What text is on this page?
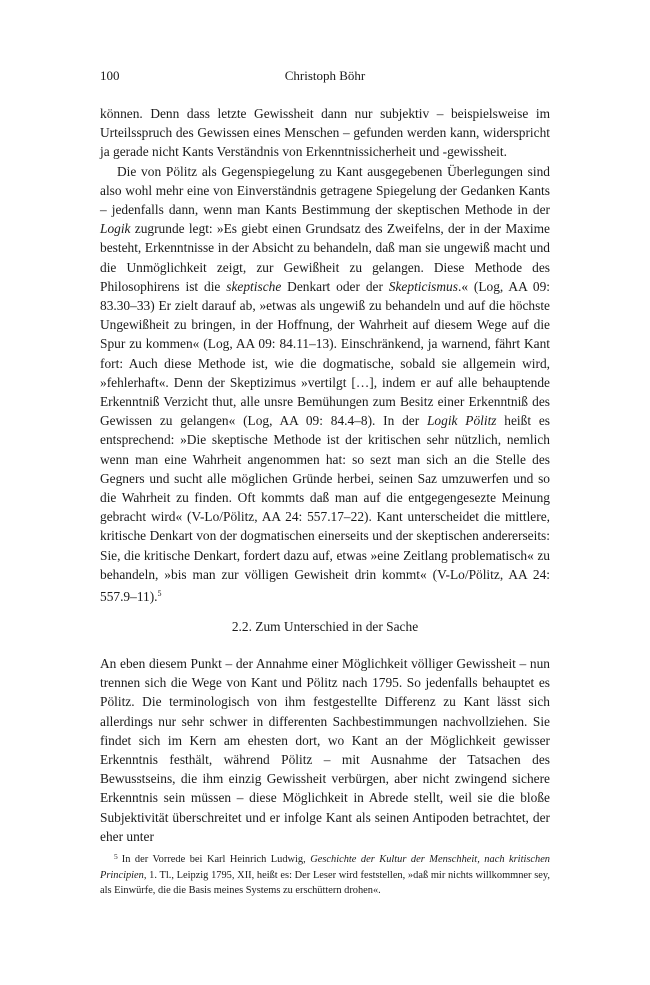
100	Christoph Böhr

können. Denn dass letzte Gewissheit dann nur subjektiv – beispielsweise im Urteilsspruch des Gewissen eines Menschen – gefunden werden kann, widerspricht ja gerade nicht Kants Verständnis von Erkenntnissicherheit und -gewissheit.

Die von Pölitz als Gegenspiegelung zu Kant ausgegebenen Überlegungen sind also wohl mehr eine von Einverständnis getragene Spiegelung der Gedanken Kants – jedenfalls dann, wenn man Kants Bestimmung der skeptischen Methode in der Logik zugrunde legt: »Es giebt einen Grundsatz des Zweifelns, der in der Maxime besteht, Erkenntnisse in der Absicht zu behandeln, daß man sie ungewiß macht und die Unmöglichkeit zeigt, zur Gewißheit zu gelangen. Diese Methode des Philosophirens ist die skeptische Denkart oder der Skepticismus.« (Log, AA 09: 83.30–33) Er zielt darauf ab, »etwas als ungewiß zu behandeln und auf die höchste Ungewißheit zu bringen, in der Hoffnung, der Wahrheit auf diesem Wege auf die Spur zu kommen« (Log, AA 09: 84.11–13). Einschränkend, ja warnend, fährt Kant fort: Auch diese Methode ist, wie die dogmatische, sobald sie allgemein wird, »fehlerhaft«. Denn der Skeptizimus »vertilgt […], indem er auf alle behauptende Erkenntniß Verzicht thut, alle unsre Bemühungen zum Besitz einer Erkenntniß des Gewissen zu gelangen« (Log, AA 09: 84.4–8). In der Logik Pölitz heißt es entsprechend: »Die skeptische Methode ist der kritischen sehr nützlich, nemlich wenn man eine Wahrheit angenommen hat: so sezt man sich an die Stelle des Gegners und sucht alle möglichen Gründe herbei, seinen Saz umzuwerfen und so die Wahrheit zu finden. Oft kommts daß man auf die entgegengesezte Meinung gebracht wird« (V-Lo/Pölitz, AA 24: 557.17–22). Kant unterscheidet die mittlere, kritische Denkart von der dogmatischen einerseits und der skeptischen andererseits: Sie, die kritische Denkart, fordert dazu auf, etwas »eine Zeitlang problematisch« zu behandeln, »bis man zur völligen Gewisheit drin kommt« (V-Lo/Pölitz, AA 24: 557.9–11).$^5$

2.2. Zum Unterschied in der Sache

An eben diesem Punkt – der Annahme einer Möglichkeit völliger Gewissheit – nun trennen sich die Wege von Kant und Pölitz nach 1795. So jedenfalls behauptet es Pölitz. Die terminologisch von ihm festgestellte Differenz zu Kant lässt sich allerdings nur sehr schwer in differenten Sachbestimmungen nachvollziehen. Sie findet sich im Kern am ehesten dort, wo Kant an der Möglichkeit gewisser Erkenntnis festhält, während Pölitz – mit Ausnahme der Tatsachen des Bewusstseins, die ihm einzig Gewissheit verbürgen, aber nicht zwingend sichere Erkenntnis sein müssen – diese Möglichkeit in Abrede stellt, weil sie die bloße Subjektivität überschreitet und er infolge Kant als seinen Antipoden betrachtet, der eher unter

$^5$ In der Vorrede bei Karl Heinrich Ludwig, Geschichte der Kultur der Menschheit, nach kritischen Principien, 1. Tl., Leipzig 1795, XII, heißt es: Der Leser wird feststellen, »daß mir nichts willkommner sey, als Einwürfe, die die Basis meines Systems zu erschüttern drohen«.
